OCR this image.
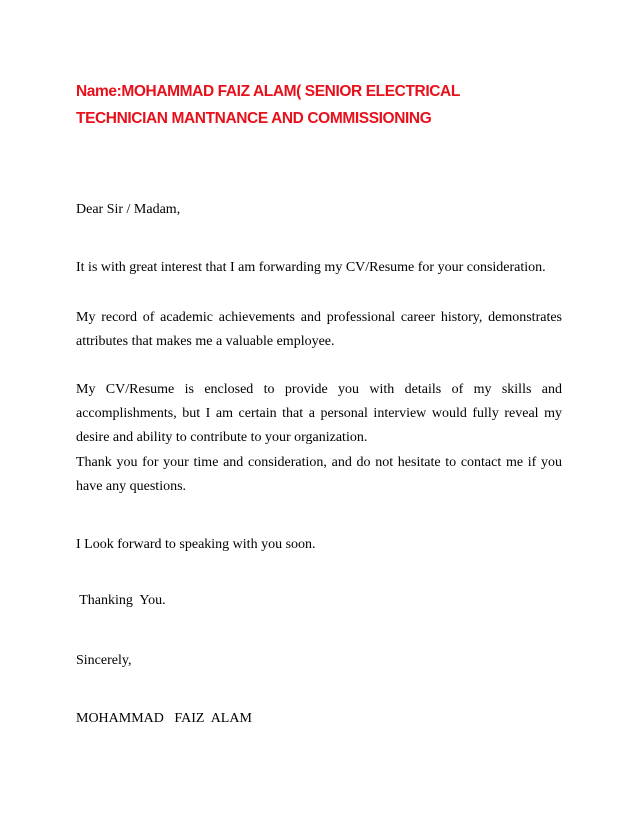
Name:MOHAMMAD FAIZ ALAM( SENIOR ELECTRICAL
TECHNICIAN MANTNANCE AND COMMISSIONING
Dear Sir / Madam,
It is with great interest that I am forwarding my CV/Resume for your consideration.
My record of academic achievements and professional career history, demonstrates attributes that makes me a valuable employee.
My CV/Resume is enclosed to provide you with details of my skills and accomplishments, but I am certain that a personal interview would fully reveal my desire and ability to contribute to your organization.
Thank you for your time and consideration, and do not hesitate to contact me if you have any questions.
I Look forward to speaking with you soon.
Thanking  You.
Sincerely,
MOHAMMAD   FAIZ  ALAM
